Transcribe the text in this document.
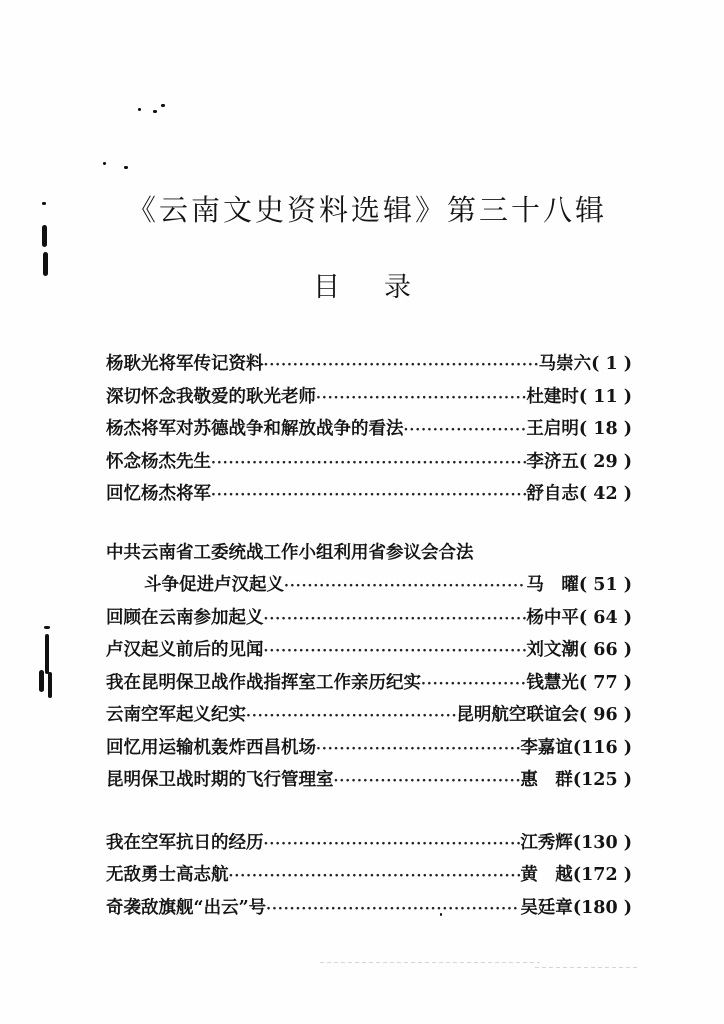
《云南文史资料选辑》第三十八辑
目 录
杨耿光将军传记资料 ·····	马崇六 ( 1 )
深切怀念我敬爱的耿光老师 ·····	杜建时 ( 11 )
杨杰将军对苏德战争和解放战争的看法 ·····	王启明 ( 18 )
怀念杨杰先生 ·····	李济五 ( 29 )
回忆杨杰将军 ·····	舒自志 ( 42 )
中共云南省工委统战工作小组利用省参议会合法
斗争促进卢汉起义 ·····	马　曜 ( 51 )
回顾在云南参加起义 ·····	杨中平 ( 64 )
卢汉起义前后的见闻 ·····	刘文潮 ( 66 )
我在昆明保卫战作战指挥室工作亲历纪实 ·····	钱慧光 ( 77 )
云南空军起义纪实 ·····	昆明航空联谊会 ( 96 )
回忆用运输机轰炸西昌机场 ·····	李嘉谊 (116 )
昆明保卫战时期的飞行管理室 ·····	惠　群 (125 )
我在空军抗日的经历 ·····	江秀辉 (130 )
无敌勇士高志航 ·····	黄　越 (172 )
奇袭敌旗舰“出云”号 ·····	吴廷章 (180 )
